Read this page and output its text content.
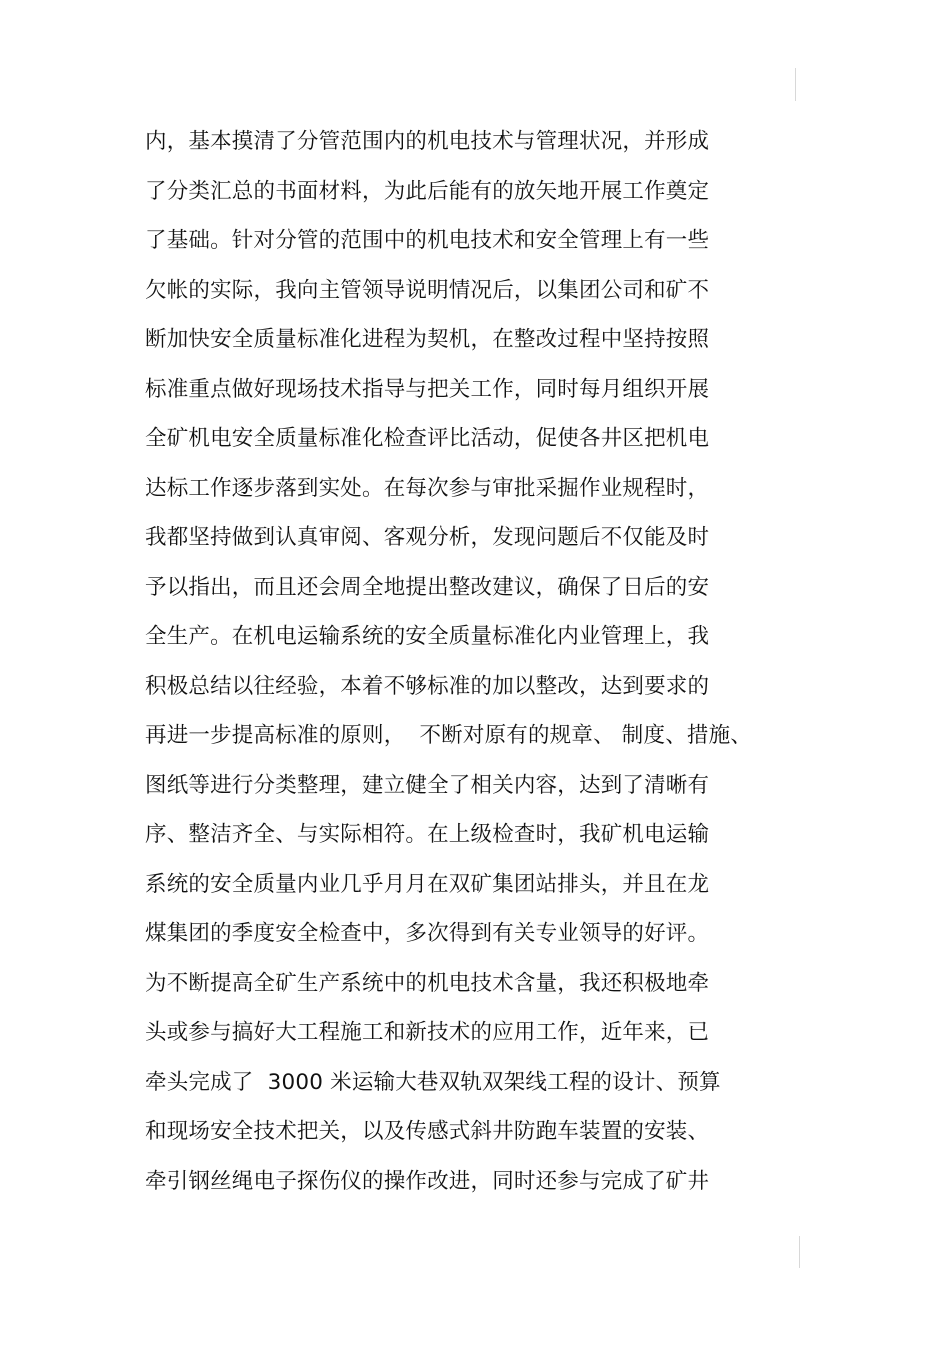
内，基本摸清了分管范围内的机电技术与管理状况，并形成
了分类汇总的书面材料，为此后能有的放矢地开展工作奠定
了基础。针对分管的范围中的机电技术和安全管理上有一些
欠帐的实际，我向主管领导说明情况后，以集团公司和矿不
断加快安全质量标准化进程为契机，在整改过程中坚持按照
标准重点做好现场技术指导与把关工作，同时每月组织开展
全矿机电安全质量标准化检查评比活动，促使各井区把机电
达标工作逐步落到实处。在每次参与审批采掘作业规程时，
我都坚持做到认真审阅、客观分析，发现问题后不仅能及时
予以指出，而且还会周全地提出整改建议，确保了日后的安
全生产。在机电运输系统的安全质量标准化内业管理上，我
积极总结以往经验，本着不够标准的加以整改，达到要求的
再进一步提高标准的原则，  不断对原有的规章、 制度、措施、
图纸等进行分类整理，建立健全了相关内容，达到了清晰有
序、整洁齐全、与实际相符。在上级检查时，我矿机电运输
系统的安全质量内业几乎月月在双矿集团站排头，并且在龙
煤集团的季度安全检查中，多次得到有关专业领导的好评。
为不断提高全矿生产系统中的机电技术含量，我还积极地牵
头或参与搞好大工程施工和新技术的应用工作，近年来，已
牵头完成了  3000 米运输大巷双轨双架线工程的设计、预算
和现场安全技术把关，以及传感式斜井防跑车装置的安装、
牵引钢丝绳电子探伤仪的操作改进，同时还参与完成了矿井
